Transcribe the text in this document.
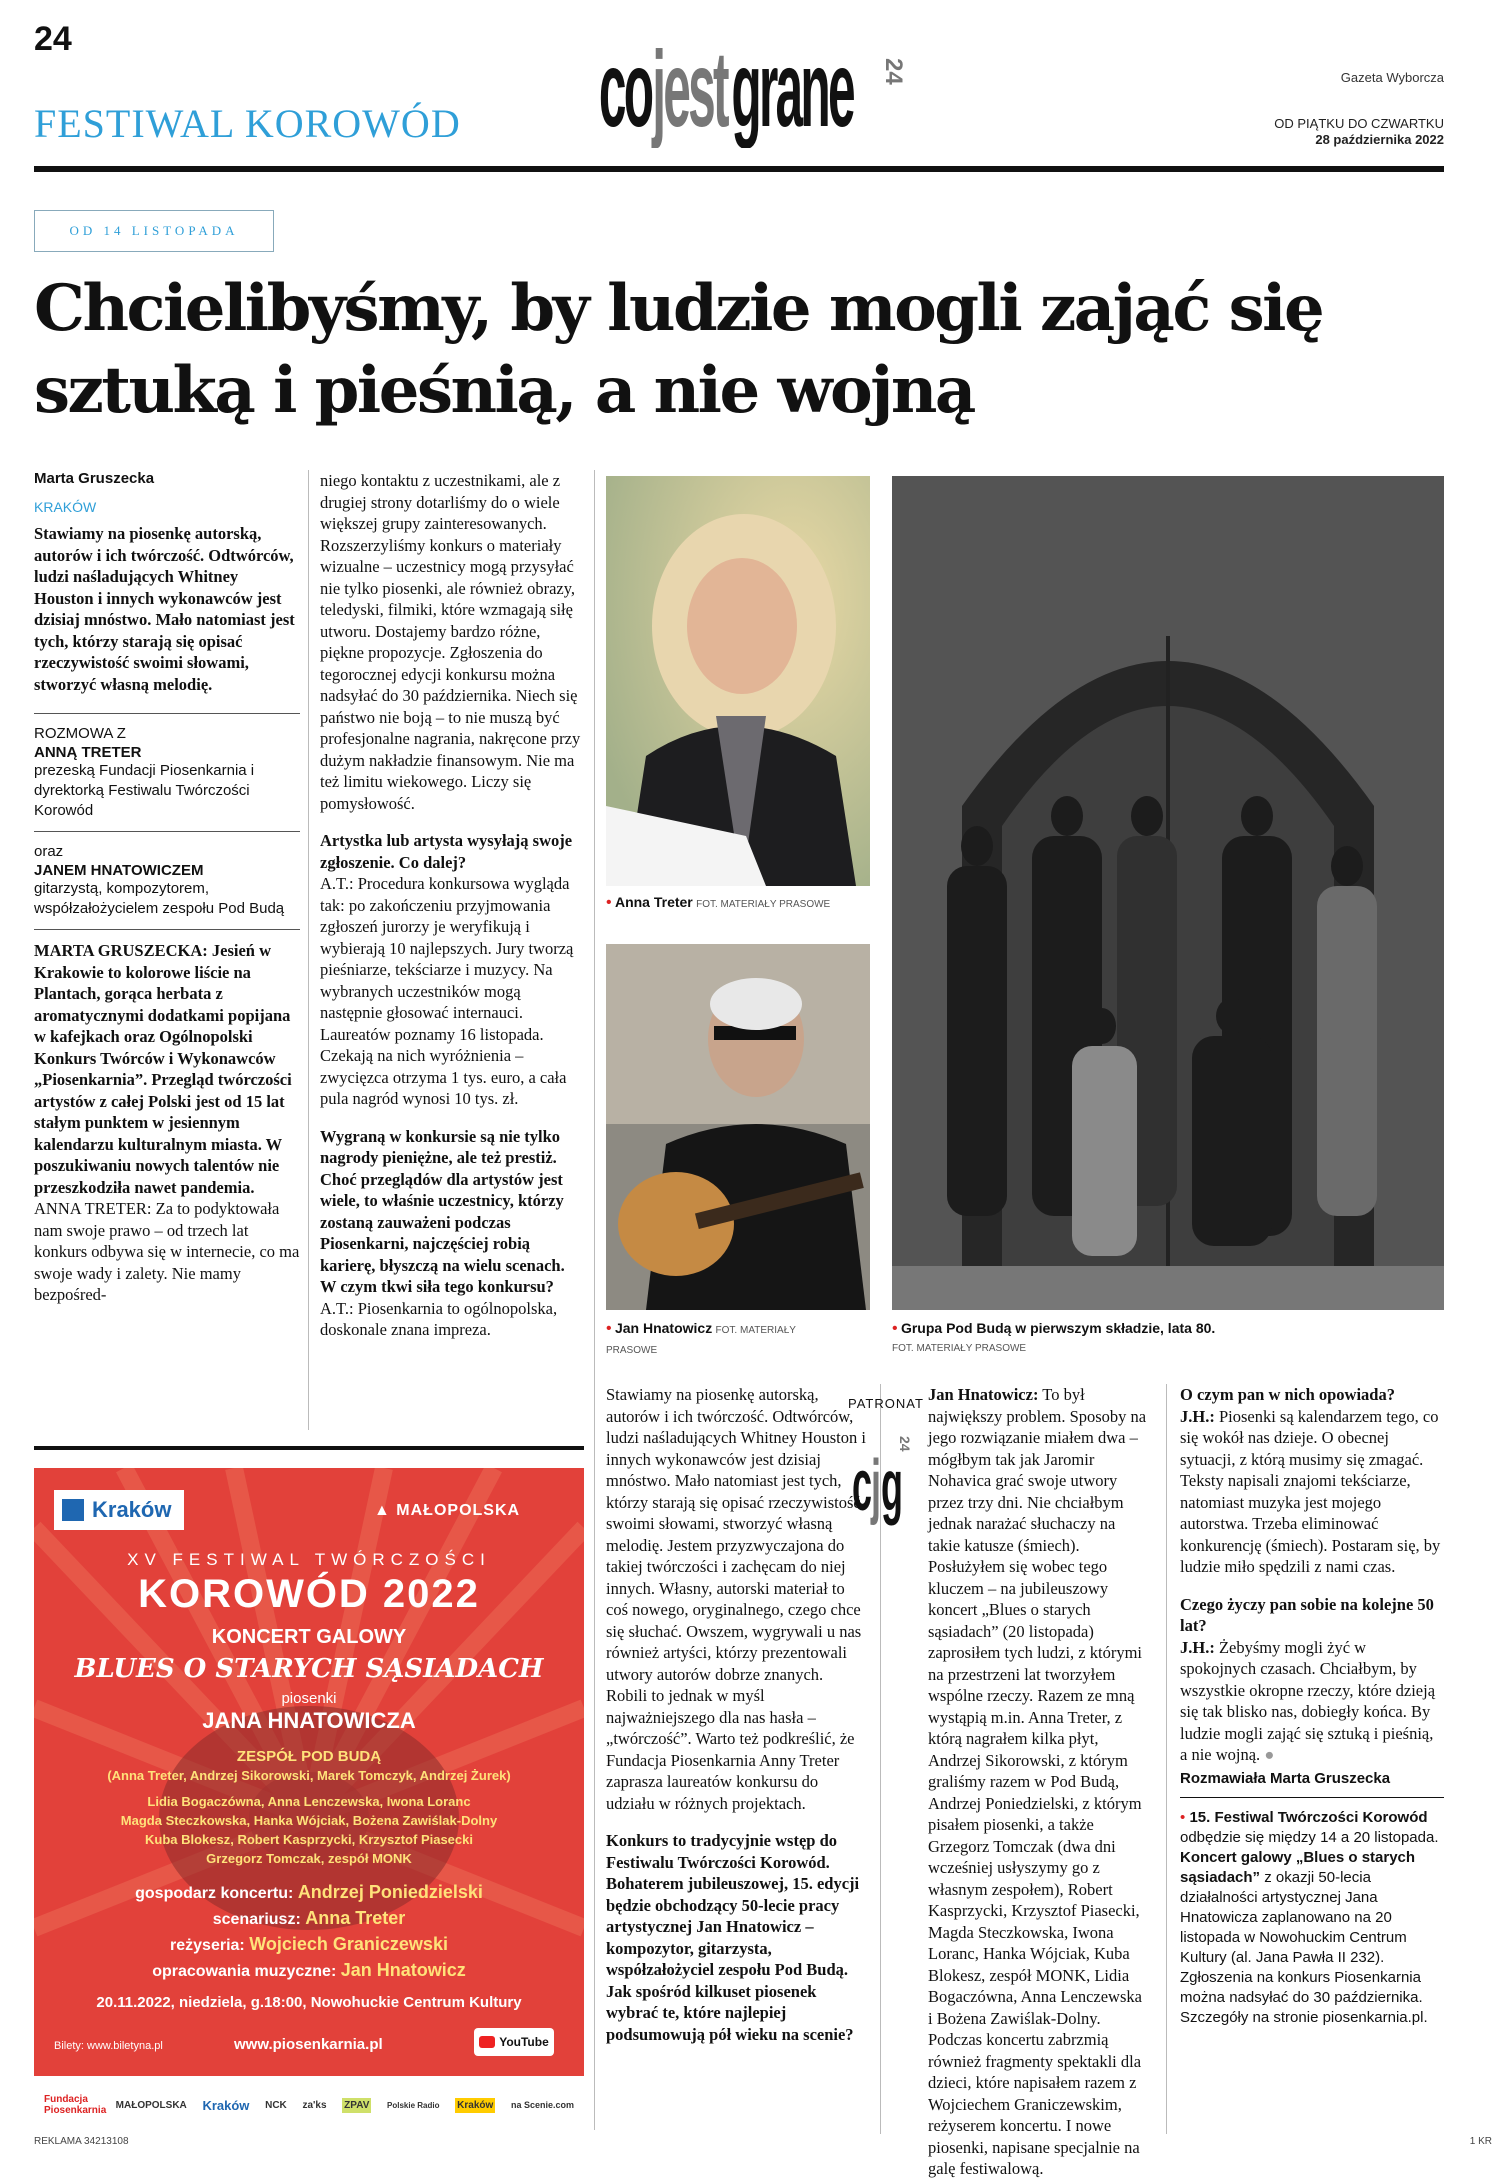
24
FESTIWAL KOROWÓD co jest grane 24	Gazeta Wyborcza
OD PIĄTKU DO CZWARTKU
28 października 2022
OD 14 LISTOPADA
Chcielibyśmy, by ludzie mogli zająć się sztuką i pieśnią, a nie wojną

Marta Gruszecka

KRAKÓW

Stawiamy na piosenkę autorską, autorów i ich twórczość. Odtwórców, ludzi naśladujących Whitney Houston i innych wykonawców jest dzisiaj mnóstwo. Mało natomiast jest tych, którzy starają się opisać rzeczywistość swoimi słowami, stworzyć własną melodię.

ROZMOWA Z

ANNĄ TRETER

prezeską Fundacji Piosenkarnia i dyrektorką Festiwalu Twórczości Korowód

oraz

JANEM HNATOWICZEM

gitarzystą, kompozytorem, współzałożycielem zespołu Pod Budą

MARTA GRUSZECKA: Jesień w Krakowie to kolorowe liście na Plantach, gorąca herbata z aromatycznymi dodatkami popijana w kafejkach oraz Ogólnopolski Konkurs Twórców i Wykonawców „Piosenkarnia”. Przegląd twórczości artystów z całej Polski jest od 15 lat stałym punktem w jesiennym kalendarzu kulturalnym miasta. W poszukiwaniu nowych talentów nie przeszkodziła nawet pandemia.

ANNA TRETER: Za to podyktowała nam swoje prawo – od trzech lat konkurs odbywa się w internecie, co ma swoje wady i zalety. Nie mamy bezpośred-

niego kontaktu z uczestnikami, ale z drugiej strony dotarliśmy do o wiele większej grupy zainteresowanych. Rozszerzyliśmy konkurs o materiały wizualne – uczestnicy mogą przysyłać nie tylko piosenki, ale również obrazy, teledyski, filmiki, które wzmagają siłę utworu. Dostajemy bardzo różne, piękne propozycje. Zgłoszenia do tegorocznej edycji konkursu można nadsyłać do 30 października. Niech się państwo nie boją – to nie muszą być profesjonalne nagrania, nakręcone przy dużym nakładzie finansowym. Nie ma też limitu wiekowego. Liczy się pomysłowość.

Artystka lub artysta wysyłają swoje zgłoszenie. Co dalej?

A.T.: Procedura konkursowa wygląda tak: po zakończeniu przyjmowania zgłoszeń jurorzy je weryfikują i wybierają 10 najlepszych. Jury tworzą pieśniarze, tekściarze i muzycy. Na wybranych uczestników mogą następnie głosować internauci. Laureatów poznamy 16 listopada. Czekają na nich wyróżnienia – zwycięzca otrzyma 1 tys. euro, a cała pula nagród wynosi 10 tys. zł.

Wygraną w konkursie są nie tylko nagrody pieniężne, ale też prestiż. Choć przeglądów dla artystów jest wiele, to właśnie uczestnicy, którzy zostaną zauważeni podczas Piosenkarni, najczęściej robią karierę, błyszczą na wielu scenach. W czym tkwi siła tego konkursu?

A.T.: Piosenkarnia to ogólnopolska, doskonale znana impreza.

• Anna Treter FOT. MATERIAŁY PRASOWE
• Jan Hnatowicz FOT. MATERIAŁY PRASOWE
• Grupa Pod Budą w pierwszym składzie, lata 80.
FOT. MATERIAŁY PRASOWE

Stawiamy na piosenkę autorską, autorów i ich twórczość. Odtwórców, ludzi naśladujących Whitney Houston i innych wykonawców jest dzisiaj mnóstwo. Mało natomiast jest tych, którzy starają się opisać rzeczywistość swoimi słowami, stworzyć własną melodię. Jestem przyzwyczajona do takiej twórczości i zachęcam do niej innych. Własny, autorski materiał to coś nowego, oryginalnego, czego chce się słuchać. Owszem, wygrywali u nas również artyści, którzy prezentowali utwory autorów dobrze znanych. Robili to jednak w myśl najważniejszego dla nas hasła – „twórczość”. Warto też podkreślić, że Fundacja Piosenkarnia Anny Treter zaprasza laureatów konkursu do udziału w różnych projektach.

Konkurs to tradycyjnie wstęp do Festiwalu Twórczości Korowód. Bohaterem jubileuszowej, 15. edycji będzie obchodzący 50-lecie pracy artystycznej Jan Hnatowicz – kompozytor, gitarzysta, współzałożyciel zespołu Pod Budą. Jak spośród kilkuset piosenek wybrać te, które najlepiej podsumowują pół wieku na scenie?

PATRONAT
c
j g
24

Jan Hnatowicz: To był największy problem. Sposoby na jego rozwiązanie miałem dwa – mógłbym tak jak Jaromir Nohavica grać swoje utwory przez trzy dni. Nie chciałbym jednak narażać słuchaczy na takie katusze (śmiech). Posłużyłem się wobec tego kluczem – na jubileuszowy koncert „Blues o starych sąsiadach” (20 listopada) zaprosiłem tych ludzi, z którymi na przestrzeni lat tworzyłem wspólne rzeczy. Razem ze mną wystąpią m.in. Anna Treter, z którą nagrałem kilka płyt, Andrzej Sikorowski, z którym graliśmy razem w Pod Budą, Andrzej Poniedzielski, z którym pisałem piosenki, a także Grzegorz Tomczak (dwa dni wcześniej usłyszymy go z własnym zespołem), Robert Kasprzycki, Krzysztof Piasecki, Magda Steczkowska, Iwona Loranc, Hanka Wójciak, Kuba Blokesz, zespół MONK, Lidia Bogaczówna, Anna Lenczewska i Bożena Zawiślak-Dolny. Podczas koncertu zabrzmią również fragmenty spektakli dla dzieci, które napisałem razem z Wojciechem Graniczewskim, reżyserem koncertu. I nowe piosenki, napisane specjalnie na galę festiwalową.

O czym pan w nich opowiada?

J.H.: Piosenki są kalendarzem tego, co się wokół nas dzieje. O obecnej sytuacji, z którą musimy się zmagać. Teksty napisali znajomi tekściarze, natomiast muzyka jest mojego autorstwa. Trzeba eliminować konkurencję (śmiech). Postaram się, by ludzie miło spędzili z nami czas.

Czego życzy pan sobie na kolejne 50 lat?

J.H.: Żebyśmy mogli żyć w spokojnych czasach. Chciałbym, by wszystkie okropne rzeczy, które dzieją się tak blisko nas, dobiegły końca. By ludzie mogli zająć się sztuką i pieśnią, a nie wojną. ●

Rozmawiała Marta Gruszecka

• 15. Festiwal Twórczości Korowód odbędzie się między 14 a 20 listopada. Koncert galowy „Blues o starych sąsiadach” z okazji 50-lecia działalności artystycznej Jana Hnatowicza zaplanowano na 20 listopada w Nowohuckim Centrum Kultury (al. Jana Pawła II 232). Zgłoszenia na konkurs Piosenkarnia można nadsyłać do 30 października. Szczegóły na stronie piosenkarnia.pl.

Kraków	▲ MAŁOPOLSKA
XV FESTIWAL TWÓRCZOŚCI
KOROWÓD 2022
KONCERT GALOWY
BLUES O STARYCH SĄSIADACH
piosenki
JANA HNATOWICZA
ZESPÓŁ POD BUDĄ
(Anna Treter, Andrzej Sikorowski, Marek Tomczyk, Andrzej Żurek)
Lidia Bogaczówna, Anna Lenczewska, Iwona Loranc
Magda Steczkowska, Hanka Wójciak, Bożena Zawiślak-Dolny
Kuba Blokesz, Robert Kasprzycki, Krzysztof Piasecki
Grzegorz Tomczak, zespół MONK
gospodarz koncertu: Andrzej Poniedzielski
scenariusz: Anna Treter
reżyseria: Wojciech Graniczewski
opracowania muzyczne: Jan Hnatowicz
20.11.2022, niedziela, g.18:00, Nowohuckie Centrum Kultury
Bilety: www.biletyna.pl	www.piosenkarnia.pl	YouTube
Fundacja Piosenkarnia MAŁOPOLSKA Kraków NCK za'ks ZPAV Polskie Radio Kraków na Scenie.com
REKLAMA 34213108	1 KR
